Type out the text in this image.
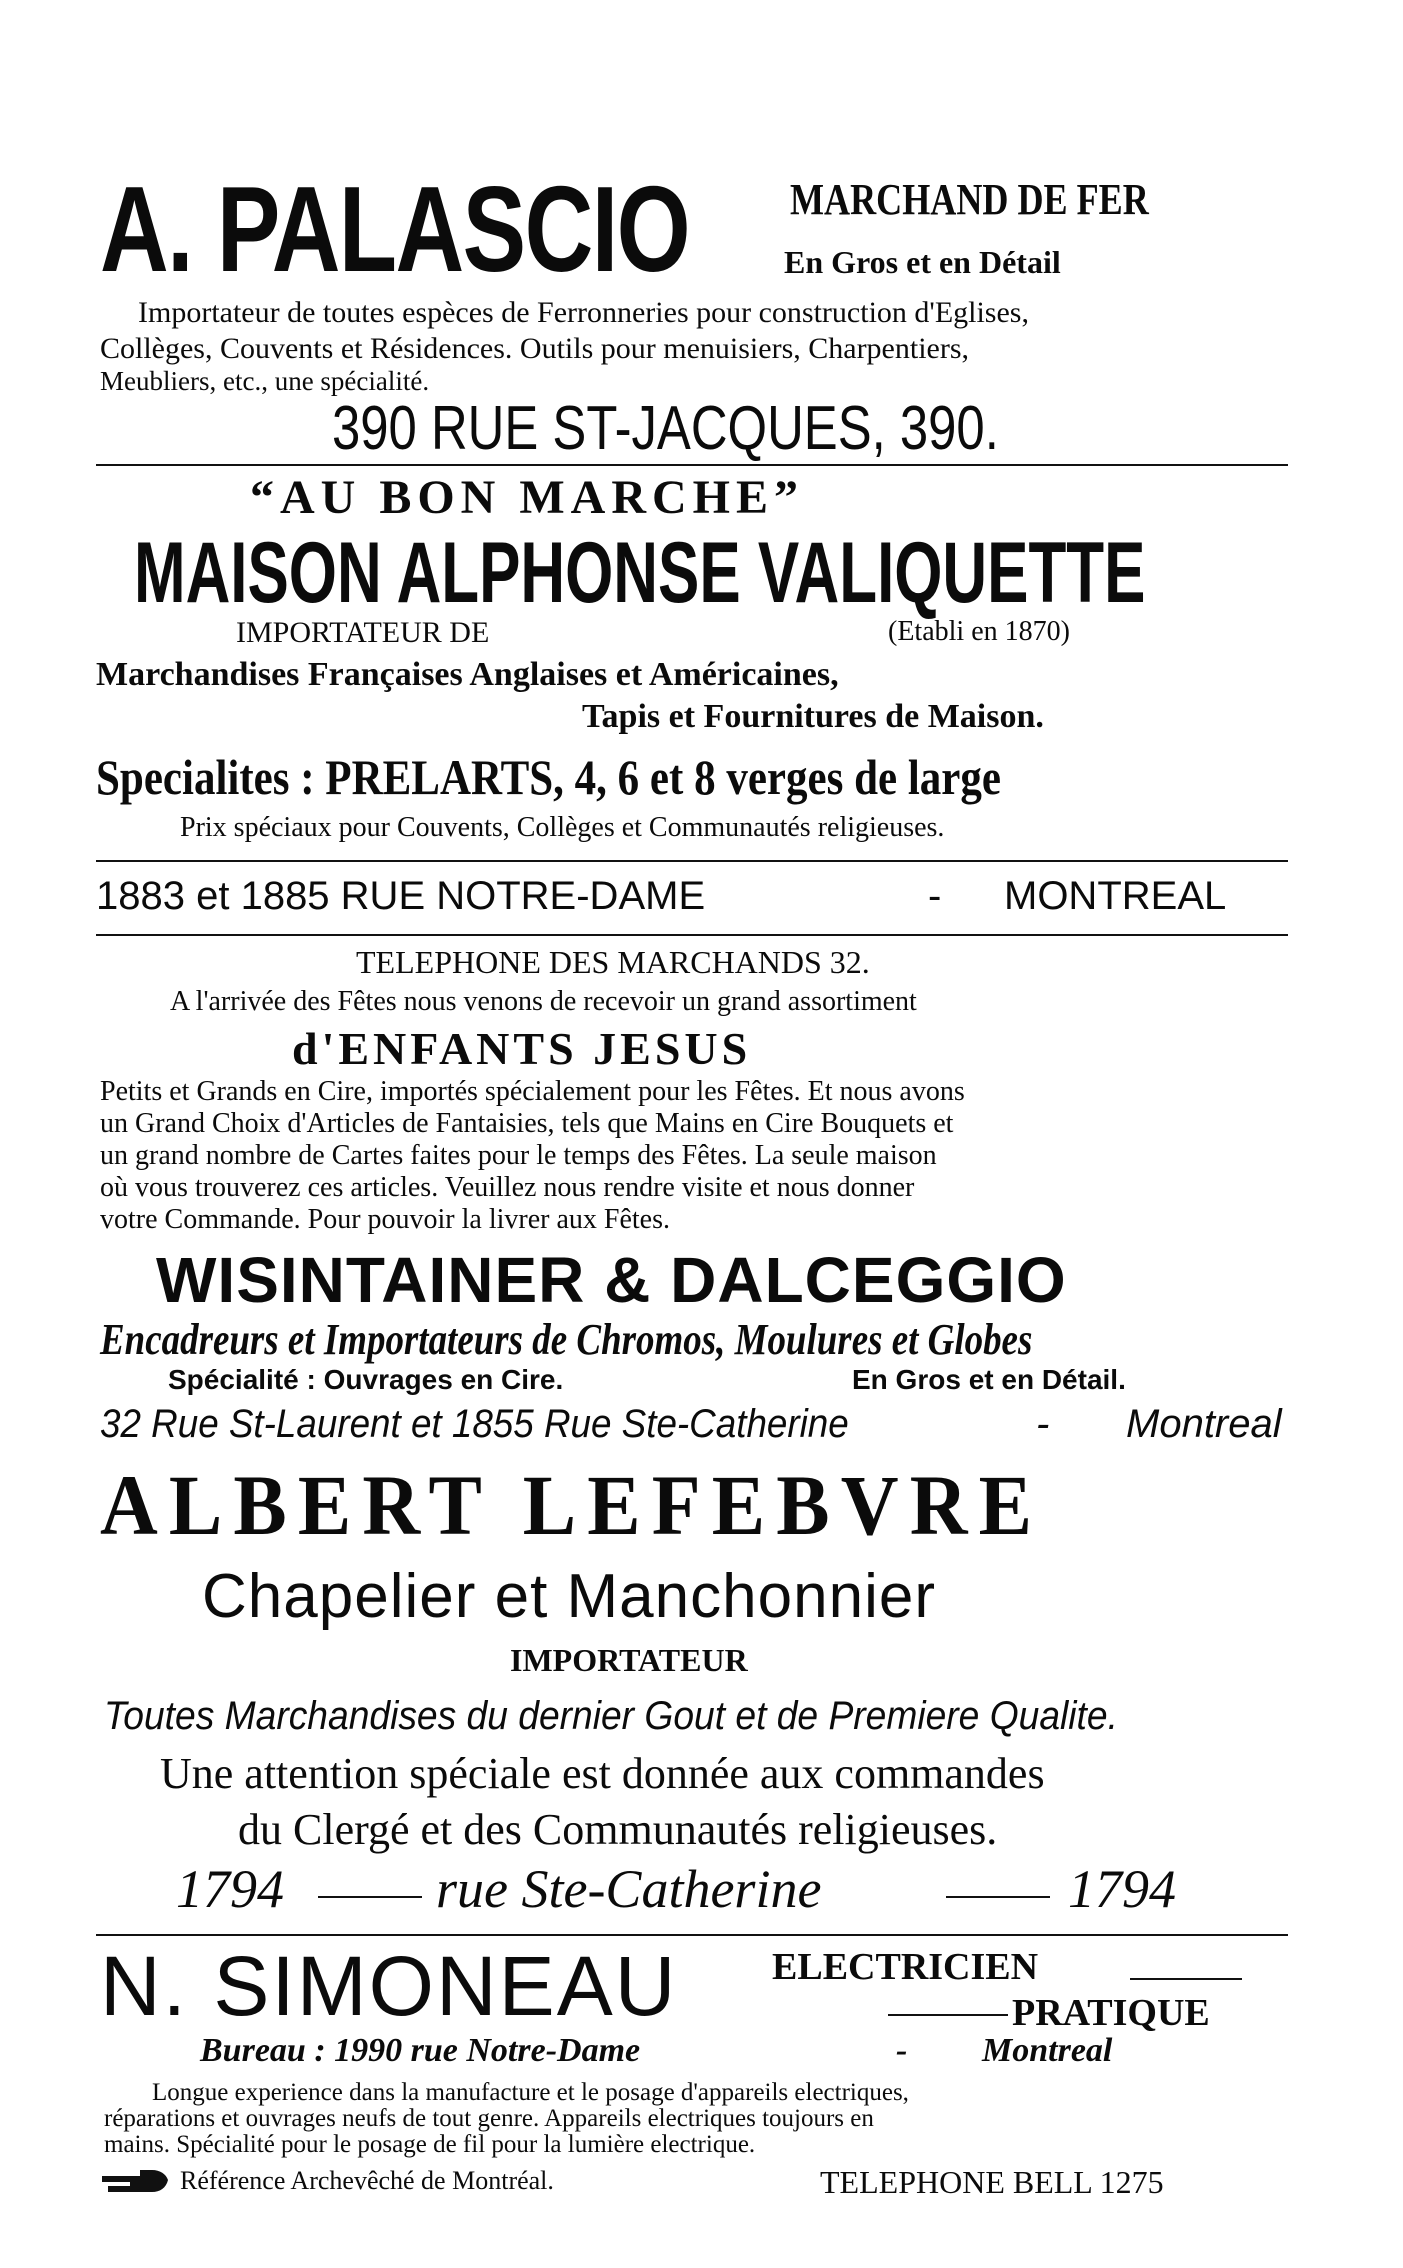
A. PALASCIO MARCHAND DE FER
En Gros et en Détail
Importateur de toutes espèces de Ferronneries pour construction d'Eglises,
Collèges, Couvents et Résidences. Outils pour menuisiers, Charpentiers,
Meubliers, etc., une spécialité.
390 RUE ST-JACQUES, 390.
“AU BON MARCHE”
MAISON ALPHONSE VALIQUETTE
IMPORTATEUR DE	(Etabli en 1870)
Marchandises Françaises Anglaises et Américaines,
Tapis et Fournitures de Maison.
Specialites : PRELARTS, 4, 6 et 8 verges de large
Prix spéciaux pour Couvents, Collèges et Communautés religieuses.
1883 et 1885 RUE NOTRE-DAME	- MONTREAL
TELEPHONE DES MARCHANDS 32.
A l'arrivée des Fêtes nous venons de recevoir un grand assortiment
d'ENFANTS JESUS
Petits et Grands en Cire, importés spécialement pour les Fêtes. Et nous avons
un Grand Choix d'Articles de Fantaisies, tels que Mains en Cire Bouquets et
un grand nombre de Cartes faites pour le temps des Fêtes. La seule maison
où vous trouverez ces articles. Veuillez nous rendre visite et nous donner
votre Commande. Pour pouvoir la livrer aux Fêtes.
WISINTAINER & DALCEGGIO
Encadreurs et Importateurs de Chromos, Moulures et Globes
Spécialité : Ouvrages en Cire.	En Gros et en Détail.
32 Rue St-Laurent et 1855 Rue Ste-Catherine	- Montreal
ALBERT LEFEBVRE
Chapelier et Manchonnier
IMPORTATEUR
Toutes Marchandises du dernier Gout et de Premiere Qualite.
Une attention spéciale est donnée aux commandes
du Clergé et des Communautés religieuses.
1794	rue Ste-Catherine	1794
N. SIMONEAU ELECTRICIEN
PRATIQUE
Bureau : 1990 rue Notre-Dame	- Montreal
Longue experience dans la manufacture et le posage d'appareils electriques,
réparations et ouvrages neufs de tout genre. Appareils electriques toujours en
mains. Spécialité pour le posage de fil pour la lumière electrique.
Référence Archevêché de Montréal.	TELEPHONE BELL 1275
